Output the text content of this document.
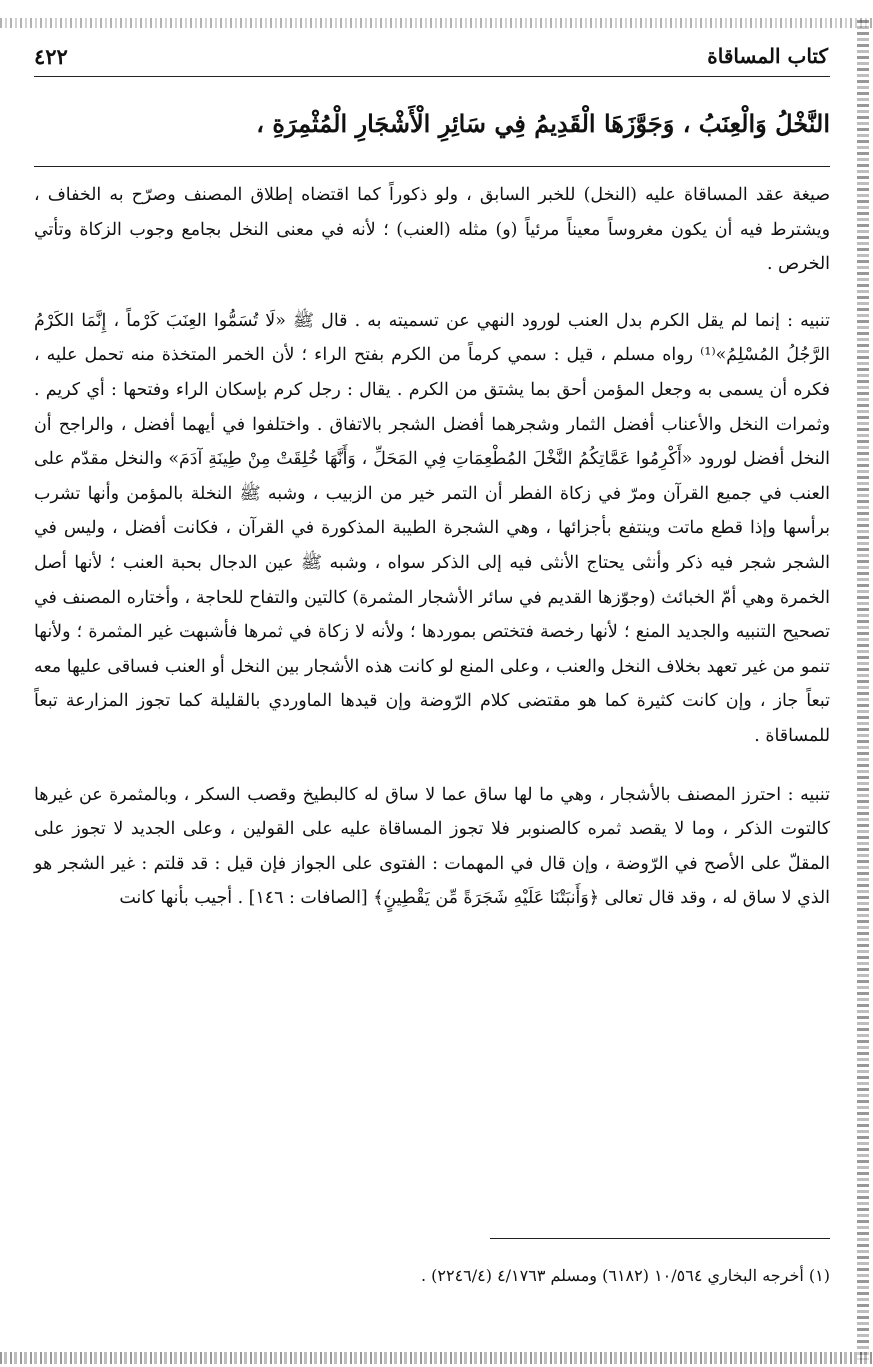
كتاب المساقاة
٤٢٢
النَّخْلُ وَالْعِنَبُ ، وَجَوَّزَهَا الْقَدِيمُ فِي سَائِرِ الْأَشْجَارِ الْمُثْمِرَةِ ،

صيغة عقد المساقاة عليه (النخل) للخبر السابق ، ولو ذكوراً كما اقتضاه إطلاق المصنف وصرّح به الخفاف ، ويشترط فيه أن يكون مغروساً معيناً مرئياً (و) مثله (العنب) ؛ لأنه في معنى النخل بجامع وجوب الزكاة وتأتي الخرص .

تنبيه : إنما لم يقل الكرم بدل العنب لورود النهي عن تسميته به . قال ﷺ «لَا تُسَمُّوا العِنَبَ كَرْماً ، إِنَّمَا الكَرْمُ الرَّجُلُ المُسْلِمُ»⁽¹⁾ رواه مسلم ، قيل : سمي كرماً من الكرم بفتح الراء ؛ لأن الخمر المتخذة منه تحمل عليه ، فكره أن يسمى به وجعل المؤمن أحق بما يشتق من الكرم . يقال : رجل كرم بإسكان الراء وفتحها : أي كريم . وثمرات النخل والأعناب أفضل الثمار وشجرهما أفضل الشجر بالاتفاق . واختلفوا في أيهما أفضل ، والراجح أن النخل أفضل لورود «أَكْرِمُوا عَمَّاتِكُمُ النَّخْلَ المُطْعِمَاتِ فِي المَحَلِّ ، وَأَنَّهَا خُلِقَتْ مِنْ طِينَةِ آدَمَ» والنخل مقدّم على العنب في جميع القرآن ومرّ في زكاة الفطر أن التمر خير من الزبيب ، وشبه ﷺ النخلة بالمؤمن وأنها تشرب برأسها وإذا قطع ماتت وينتفع بأجزائها ، وهي الشجرة الطيبة المذكورة في القرآن ، فكانت أفضل ، وليس في الشجر شجر فيه ذكر وأنثى يحتاج الأنثى فيه إلى الذكر سواه ، وشبه ﷺ عين الدجال بحبة العنب ؛ لأنها أصل الخمرة وهي أمّ الخبائث (وجوّزها القديم في سائر الأشجار المثمرة) كالتين والتفاح للحاجة ، وأختاره المصنف في تصحيح التنبيه والجديد المنع ؛ لأنها رخصة فتختص بموردها ؛ ولأنه لا زكاة في ثمرها فأشبهت غير المثمرة ؛ ولأنها تنمو من غير تعهد بخلاف النخل والعنب ، وعلى المنع لو كانت هذه الأشجار بين النخل أو العنب فساقى عليها معه تبعاً جاز ، وإن كانت كثيرة كما هو مقتضى كلام الرّوضة وإن قيدها الماوردي بالقليلة كما تجوز المزارعة تبعاً للمساقاة .

تنبيه : احترز المصنف بالأشجار ، وهي ما لها ساق عما لا ساق له كالبطيخ وقصب السكر ، وبالمثمرة عن غيرها كالتوت الذكر ، وما لا يقصد ثمره كالصنوبر فلا تجوز المساقاة عليه على القولين ، وعلى الجديد لا تجوز على المقلّ على الأصح في الرّوضة ، وإن قال في المهمات : الفتوى على الجواز فإن قيل : قد قلتم : غير الشجر هو الذي لا ساق له ، وقد قال تعالى ﴿وَأَنبَتْنَا عَلَيْهِ شَجَرَةً مِّن يَقْطِينٍ﴾ [الصافات : ١٤٦] . أجيب بأنها كانت

(١) أخرجه البخاري ١٠/٥٦٤ (٦١٨٢) ومسلم ٤/١٧٦٣ (٢٢٤٦/٤) .
